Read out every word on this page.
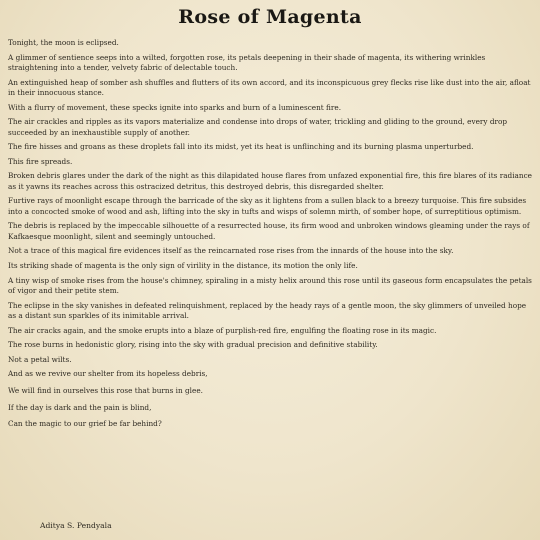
Rose of Magenta
Tonight, the moon is eclipsed.
A glimmer of sentience seeps into a wilted, forgotten rose, its petals deepening in their shade of magenta, its withering wrinkles straightening into a tender, velvety fabric of delectable touch.
An extinguished heap of somber ash shuffles and flutters of its own accord, and its inconspicuous grey flecks rise like dust into the air, afloat in their innocuous stance.
With a flurry of movement, these specks ignite into sparks and burn of a luminescent fire.
The air crackles and ripples as its vapors materialize and condense into drops of water, trickling and gliding to the ground, every drop succeeded by an inexhaustible supply of another.
The fire hisses and groans as these droplets fall into its midst, yet its heat is unflinching and its burning plasma unperturbed.
This fire spreads.
Broken debris glares under the dark of the night as this dilapidated house flares from unfazed exponential fire, this fire blares of its radiance as it yawns its reaches across this ostracized detritus, this destroyed debris, this disregarded shelter.
Furtive rays of moonlight escape through the barricade of the sky as it lightens from a sullen black to a breezy turquoise. This fire subsides into a concocted smoke of wood and ash, lifting into the sky in tufts and wisps of solemn mirth, of somber hope, of surreptitious optimism.
The debris is replaced by the impeccable silhouette of a resurrected house, its firm wood and unbroken windows gleaming under the rays of Kafkaesque moonlight, silent and seemingly untouched.
Not a trace of this magical fire evidences itself as the reincarnated rose rises from the innards of the house into the sky.
Its striking shade of magenta is the only sign of virility in the distance, its motion the only life.
A tiny wisp of smoke rises from the house's chimney, spiraling in a misty helix around this rose until its gaseous form encapsulates the petals of vigor and their petite stem.
The eclipse in the sky vanishes in defeated relinquishment, replaced by the heady rays of a gentle moon, the sky glimmers of unveiled hope as a distant sun sparkles of its inimitable arrival.
The air cracks again, and the smoke erupts into a blaze of purplish-red fire, engulfing the floating rose in its magic.
The rose burns in hedonistic glory, rising into the sky with gradual precision and definitive stability.
Not a petal wilts.
And as we revive our shelter from its hopeless debris,
We will find in ourselves this rose that burns in glee.
If the day is dark and the pain is blind,
Can the magic to our grief be far behind?
Aditya S. Pendyala
